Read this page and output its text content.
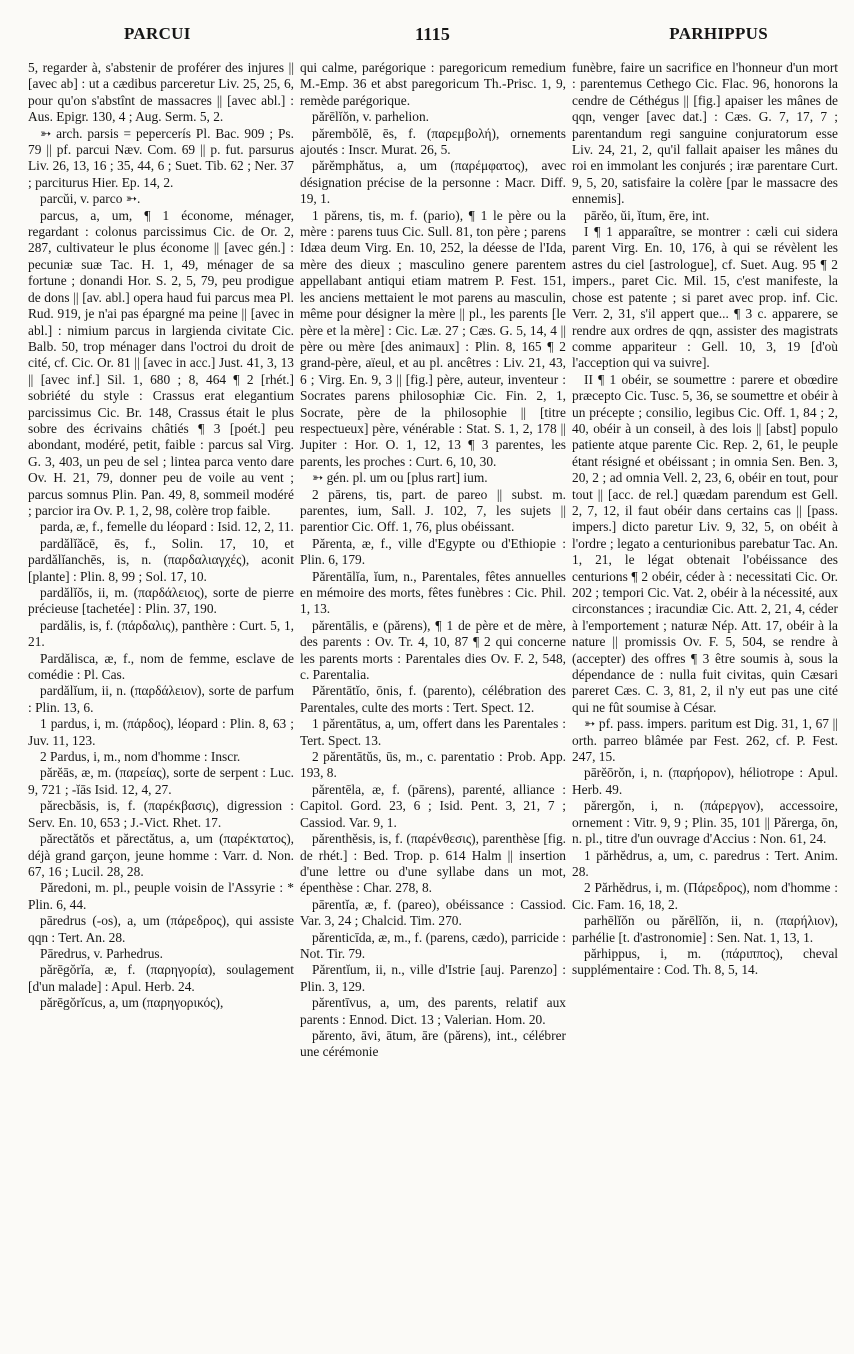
PARCUI	1115	PARHIPPUS

5, regarder à, s'abstenir de proférer des injures || [avec ab] : ut a cædibus parceretur Liv. 25, 25, 6, pour qu'on s'abstînt de massacres || [avec abl.] : Aus. Epigr. 130, 4 ; Aug. Serm. 5, 2.

➳ arch. parsis = pepercerís Pl. Bac. 909 ; Ps. 79 || pf. parcui Næv. Com. 69 || p. fut. parsurus Liv. 26, 13, 16 ; 35, 44, 6 ; Suet. Tib. 62 ; Ner. 37 ; parciturus Hier. Ep. 14, 2.

parcŭi, v. parco ➳.

parcus, a, um, ¶ 1 économe, ménager, regardant : colonus parcissimus Cic. de Or. 2, 287, cultivateur le plus économe || [avec gén.] : pecuniæ suæ Tac. H. 1, 49, ménager de sa fortune ; donandi Hor. S. 2, 5, 79, peu prodigue de dons || [av. abl.] opera haud fui parcus mea Pl. Rud. 919, je n'ai pas épargné ma peine || [avec in abl.] : nimium parcus in largienda civitate Cic. Balb. 50, trop ménager dans l'octroi du droit de cité, cf. Cic. Or. 81 || [avec in acc.] Just. 41, 3, 13 || [avec inf.] Sil. 1, 680 ; 8, 464 ¶ 2 [rhét.] sobriété du style : Crassus erat elegantium parcissimus Cic. Br. 148, Crassus était le plus sobre des écrivains châtiés ¶ 3 [poét.] peu abondant, modéré, petit, faible : parcus sal Virg. G. 3, 403, un peu de sel ; lintea parca vento dare Ov. H. 21, 79, donner peu de voile au vent ; parcus somnus Plin. Pan. 49, 8, sommeil modéré ; parcior ira Ov. P. 1, 2, 98, colère trop faible.

parda, æ, f., femelle du léopard : Isid. 12, 2, 11.

pardălĭăcē, ēs, f., Solin. 17, 10, et pardălĭanchēs, is, n. (παρδαλιαγχές), aconit [plante] : Plin. 8, 99 ; Sol. 17, 10.

pardălĭŏs, ii, m. (παρδάλειος), sorte de pierre précieuse [tachetée] : Plin. 37, 190.

pardălis, is, f. (πάρδαλις), panthère : Curt. 5, 1, 21.

Pardălisca, æ, f., nom de femme, esclave de comédie : Pl. Cas.

pardălĭum, ii, n. (παρδάλειον), sorte de parfum : Plin. 13, 6.

1 pardus, i, m. (πάρδος), léopard : Plin. 8, 63 ; Juv. 11, 123.

2 Pardus, i, m., nom d'homme : Inscr.

părĕās, æ, m. (παρείας), sorte de serpent : Luc. 9, 721 ; -ĭās Isid. 12, 4, 27.

părecbăsis, is, f. (παρέκβασις), digression : Serv. En. 10, 653 ; J.-Vict. Rhet. 17.

părectătŏs et părectătus, a, um (παρέκτατος), déjà grand garçon, jeune homme : Varr. d. Non. 67, 16 ; Lucil. 28, 28.

Păredoni, m. pl., peuple voisin de l'Assyrie : * Plin. 6, 44.

pāredrus (-os), a, um (πάρεδρος), qui assiste qqn : Tert. An. 28.

Pāredrus, v. Parhedrus.

părēgŏrĭa, æ, f. (παρηγορία), soulagement [d'un malade] : Apul. Herb. 24.

părēgŏrĭcus, a, um (παρηγορικός),

qui calme, parégorique : paregoricum remedium M.-Emp. 36 et abst paregoricum Th.-Prisc. 1, 9, remède parégorique.

părēlĭŏn, v. parhelion.

părembŏlē, ēs, f. (παρεμβολή), ornements ajoutés : Inscr. Murat. 26, 5.

părĕmphătus, a, um (παρέμφατος), avec désignation précise de la personne : Macr. Diff. 19, 1.

1 părens, tis, m. f. (pario), ¶ 1 le père ou la mère : parens tuus Cic. Sull. 81, ton père ; parens Idæa deum Virg. En. 10, 252, la déesse de l'Ida, mère des dieux ; masculino genere parentem appellabant antiqui etiam matrem P. Fest. 151, les anciens mettaient le mot parens au masculin, même pour désigner la mère || pl., les parents [le père et la mère] : Cic. Læ. 27 ; Cæs. G. 5, 14, 4 || père ou mère [des animaux] : Plin. 8, 165 ¶ 2 grand-père, aïeul, et au pl. ancêtres : Liv. 21, 43, 6 ; Virg. En. 9, 3 || [fig.] père, auteur, inventeur : Socrates parens philosophiæ Cic. Fin. 2, 1, Socrate, père de la philosophie || [titre respectueux] père, vénérable : Stat. S. 1, 2, 178 || Jupiter : Hor. O. 1, 12, 13 ¶ 3 parentes, les parents, les proches : Curt. 6, 10, 30.

➳ gén. pl. um ou [plus rart] ium.

2 pārens, tis, part. de pareo || subst. m. parentes, ium, Sall. J. 102, 7, les sujets || parentior Cic. Off. 1, 76, plus obéissant.

Părenta, æ, f., ville d'Egypte ou d'Ethiopie : Plin. 6, 179.

Părentālĭa, ĭum, n., Parentales, fêtes annuelles en mémoire des morts, fêtes funèbres : Cic. Phil. 1, 13.

părentālis, e (părens), ¶ 1 de père et de mère, des parents : Ov. Tr. 4, 10, 87 ¶ 2 qui concerne les parents morts : Parentales dies Ov. F. 2, 548, c. Parentalia.

Părentātĭo, ōnis, f. (parento), célébration des Parentales, culte des morts : Tert. Spect. 12.

1 părentātus, a, um, offert dans les Parentales : Tert. Spect. 13.

2 părentātŭs, ūs, m., c. parentatio : Prob. App. 193, 8.

părentēla, æ, f. (pārens), parenté, alliance : Capitol. Gord. 23, 6 ; Isid. Pent. 3, 21, 7 ; Cassiod. Var. 9, 1.

părenthĕsis, is, f. (παρένθεσις), parenthèse [fig. de rhét.] : Bed. Trop. p. 614 Halm || insertion d'une lettre ou d'une syllabe dans un mot, épenthèse : Char. 278, 8.

pārentĭa, æ, f. (pareo), obéissance : Cassiod. Var. 3, 24 ; Chalcid. Tim. 270.

părenticīda, æ, m., f. (parens, cædo), parricide : Not. Tir. 79.

Părentĭum, ii, n., ville d'Istrie [auj. Parenzo] : Plin. 3, 129.

părentīvus, a, um, des parents, relatif aux parents : Ennod. Dict. 13 ; Valerian. Hom. 20.

părento, āvi, ātum, āre (părens), int., célébrer une cérémonie

funèbre, faire un sacrifice en l'honneur d'un mort : parentemus Cethego Cic. Flac. 96, honorons la cendre de Céthégus || [fig.] apaiser les mânes de qqn, venger [avec dat.] : Cæs. G. 7, 17, 7 ; parentandum regi sanguine conjuratorum esse Liv. 24, 21, 2, qu'il fallait apaiser les mânes du roi en immolant les conjurés ; iræ parentare Curt. 9, 5, 20, satisfaire la colère [par le massacre des ennemis].

pārĕo, ŭi, ĭtum, ēre, int.

I ¶ 1 apparaître, se montrer : cæli cui sidera parent Virg. En. 10, 176, à qui se révèlent les astres du ciel [astrologue], cf. Suet. Aug. 95 ¶ 2 impers., paret Cic. Mil. 15, c'est manifeste, la chose est patente ; si paret avec prop. inf. Cic. Verr. 2, 31, s'il appert que... ¶ 3 c. apparere, se rendre aux ordres de qqn, assister des magistrats comme appariteur : Gell. 10, 3, 19 [d'où l'acception qui va suivre].

II ¶ 1 obéir, se soumettre : parere et obœdire præcepto Cic. Tusc. 5, 36, se soumettre et obéir à un précepte ; consilio, legibus Cic. Off. 1, 84 ; 2, 40, obéir à un conseil, à des lois || [abst] populo patiente atque parente Cic. Rep. 2, 61, le peuple étant résigné et obéissant ; in omnia Sen. Ben. 3, 20, 2 ; ad omnia Vell. 2, 23, 6, obéir en tout, pour tout || [acc. de rel.] quædam parendum est Gell. 2, 7, 12, il faut obéir dans certains cas || [pass. impers.] dicto paretur Liv. 9, 32, 5, on obéit à l'ordre ; legato a centurionibus parebatur Tac. An. 1, 21, le légat obtenait l'obéissance des centurions ¶ 2 obéir, céder à : necessitati Cic. Or. 202 ; tempori Cic. Vat. 2, obéir à la nécessité, aux circonstances ; iracundiæ Cic. Att. 2, 21, 4, céder à l'emportement ; naturæ Nép. Att. 17, obéir à la nature || promissis Ov. F. 5, 504, se rendre à (accepter) des offres ¶ 3 être soumis à, sous la dépendance de : nulla fuit civitas, quin Cæsari pareret Cæs. C. 3, 81, 2, il n'y eut pas une cité qui ne fût soumise à César.

➳ pf. pass. impers. paritum est Dig. 31, 1, 67 || orth. parreo blâmée par Fest. 262, cf. P. Fest. 247, 15.

pārĕōrŏn, i, n. (παρήορον), héliotrope : Apul. Herb. 49.

părergŏn, i, n. (πάρεργον), accessoire, ornement : Vitr. 9, 9 ; Plin. 35, 101 || Părerga, ōn, n. pl., titre d'un ouvrage d'Accius : Non. 61, 24.

1 părhĕdrus, a, um, c. paredrus : Tert. Anim. 28.

2 Părhĕdrus, i, m. (Πάρεδρος), nom d'homme : Cic. Fam. 16, 18, 2.

parhēlĭŏn ou părēlĭŏn, ii, n. (παρήλιον), parhélie [t. d'astronomie] : Sen. Nat. 1, 13, 1.

părhippus, i, m. (πάριππος), cheval supplémentaire : Cod. Th. 8, 5, 14.
